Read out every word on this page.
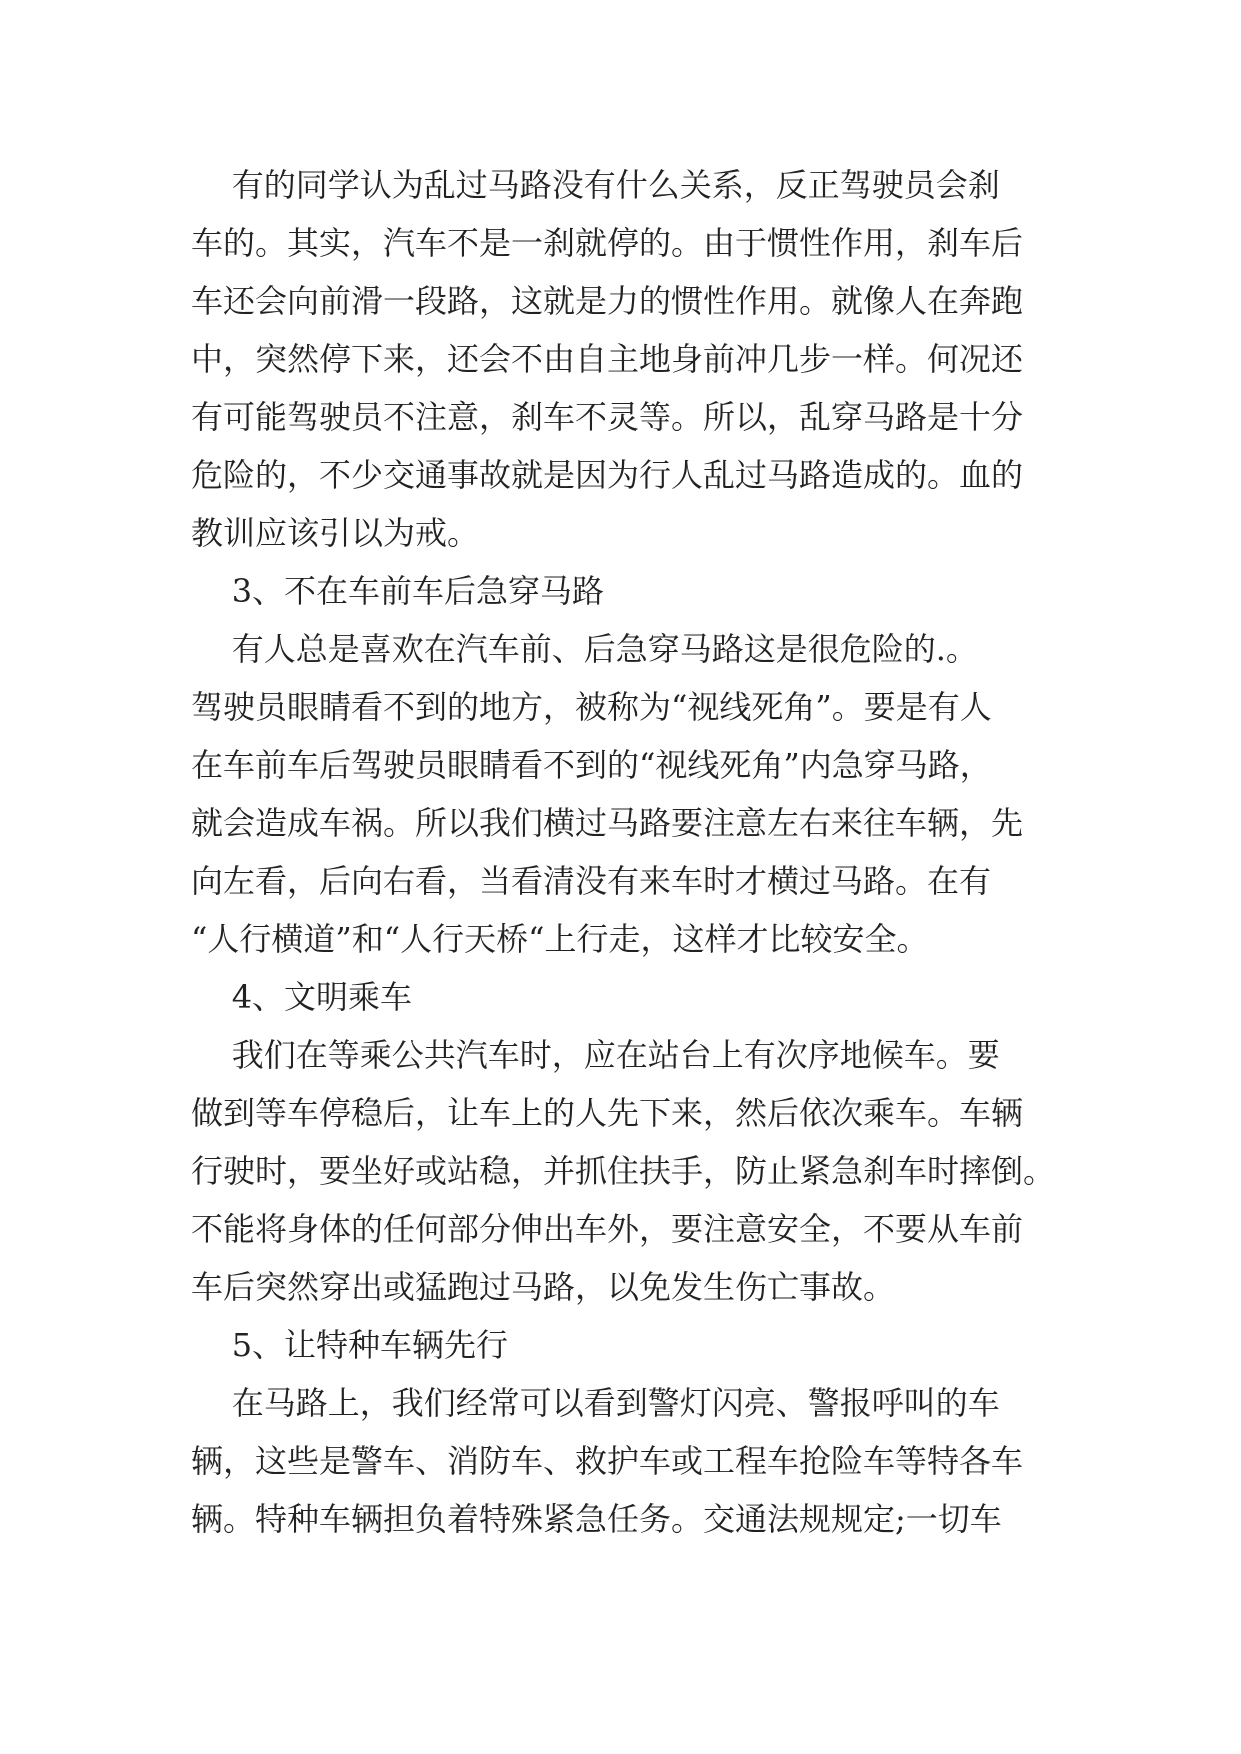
有的同学认为乱过马路没有什么关系，反正驾驶员会刹
车的。其实，汽车不是一刹就停的。由于惯性作用，刹车后
车还会向前滑一段路，这就是力的惯性作用。就像人在奔跑
中，突然停下来，还会不由自主地身前冲几步一样。何况还
有可能驾驶员不注意，刹车不灵等。所以，乱穿马路是十分
危险的，不少交通事故就是因为行人乱过马路造成的。血的
教训应该引以为戒。
3、不在车前车后急穿马路
有人总是喜欢在汽车前、后急穿马路这是很危险的.。
驾驶员眼睛看不到的地方，被称为“视线死角”。要是有人
在车前车后驾驶员眼睛看不到的“视线死角”内急穿马路，
就会造成车祸。所以我们横过马路要注意左右来往车辆，先
向左看，后向右看，当看清没有来车时才横过马路。在有
“人行横道”和“人行天桥“上行走，这样才比较安全。
4、文明乘车
我们在等乘公共汽车时，应在站台上有次序地候车。要
做到等车停稳后，让车上的人先下来，然后依次乘车。车辆
行驶时，要坐好或站稳，并抓住扶手，防止紧急刹车时摔倒。
不能将身体的任何部分伸出车外，要注意安全，不要从车前
车后突然穿出或猛跑过马路，以免发生伤亡事故。
5、让特种车辆先行
在马路上，我们经常可以看到警灯闪亮、警报呼叫的车
辆，这些是警车、消防车、救护车或工程车抢险车等特各车
辆。特种车辆担负着特殊紧急任务。交通法规规定;一切车
